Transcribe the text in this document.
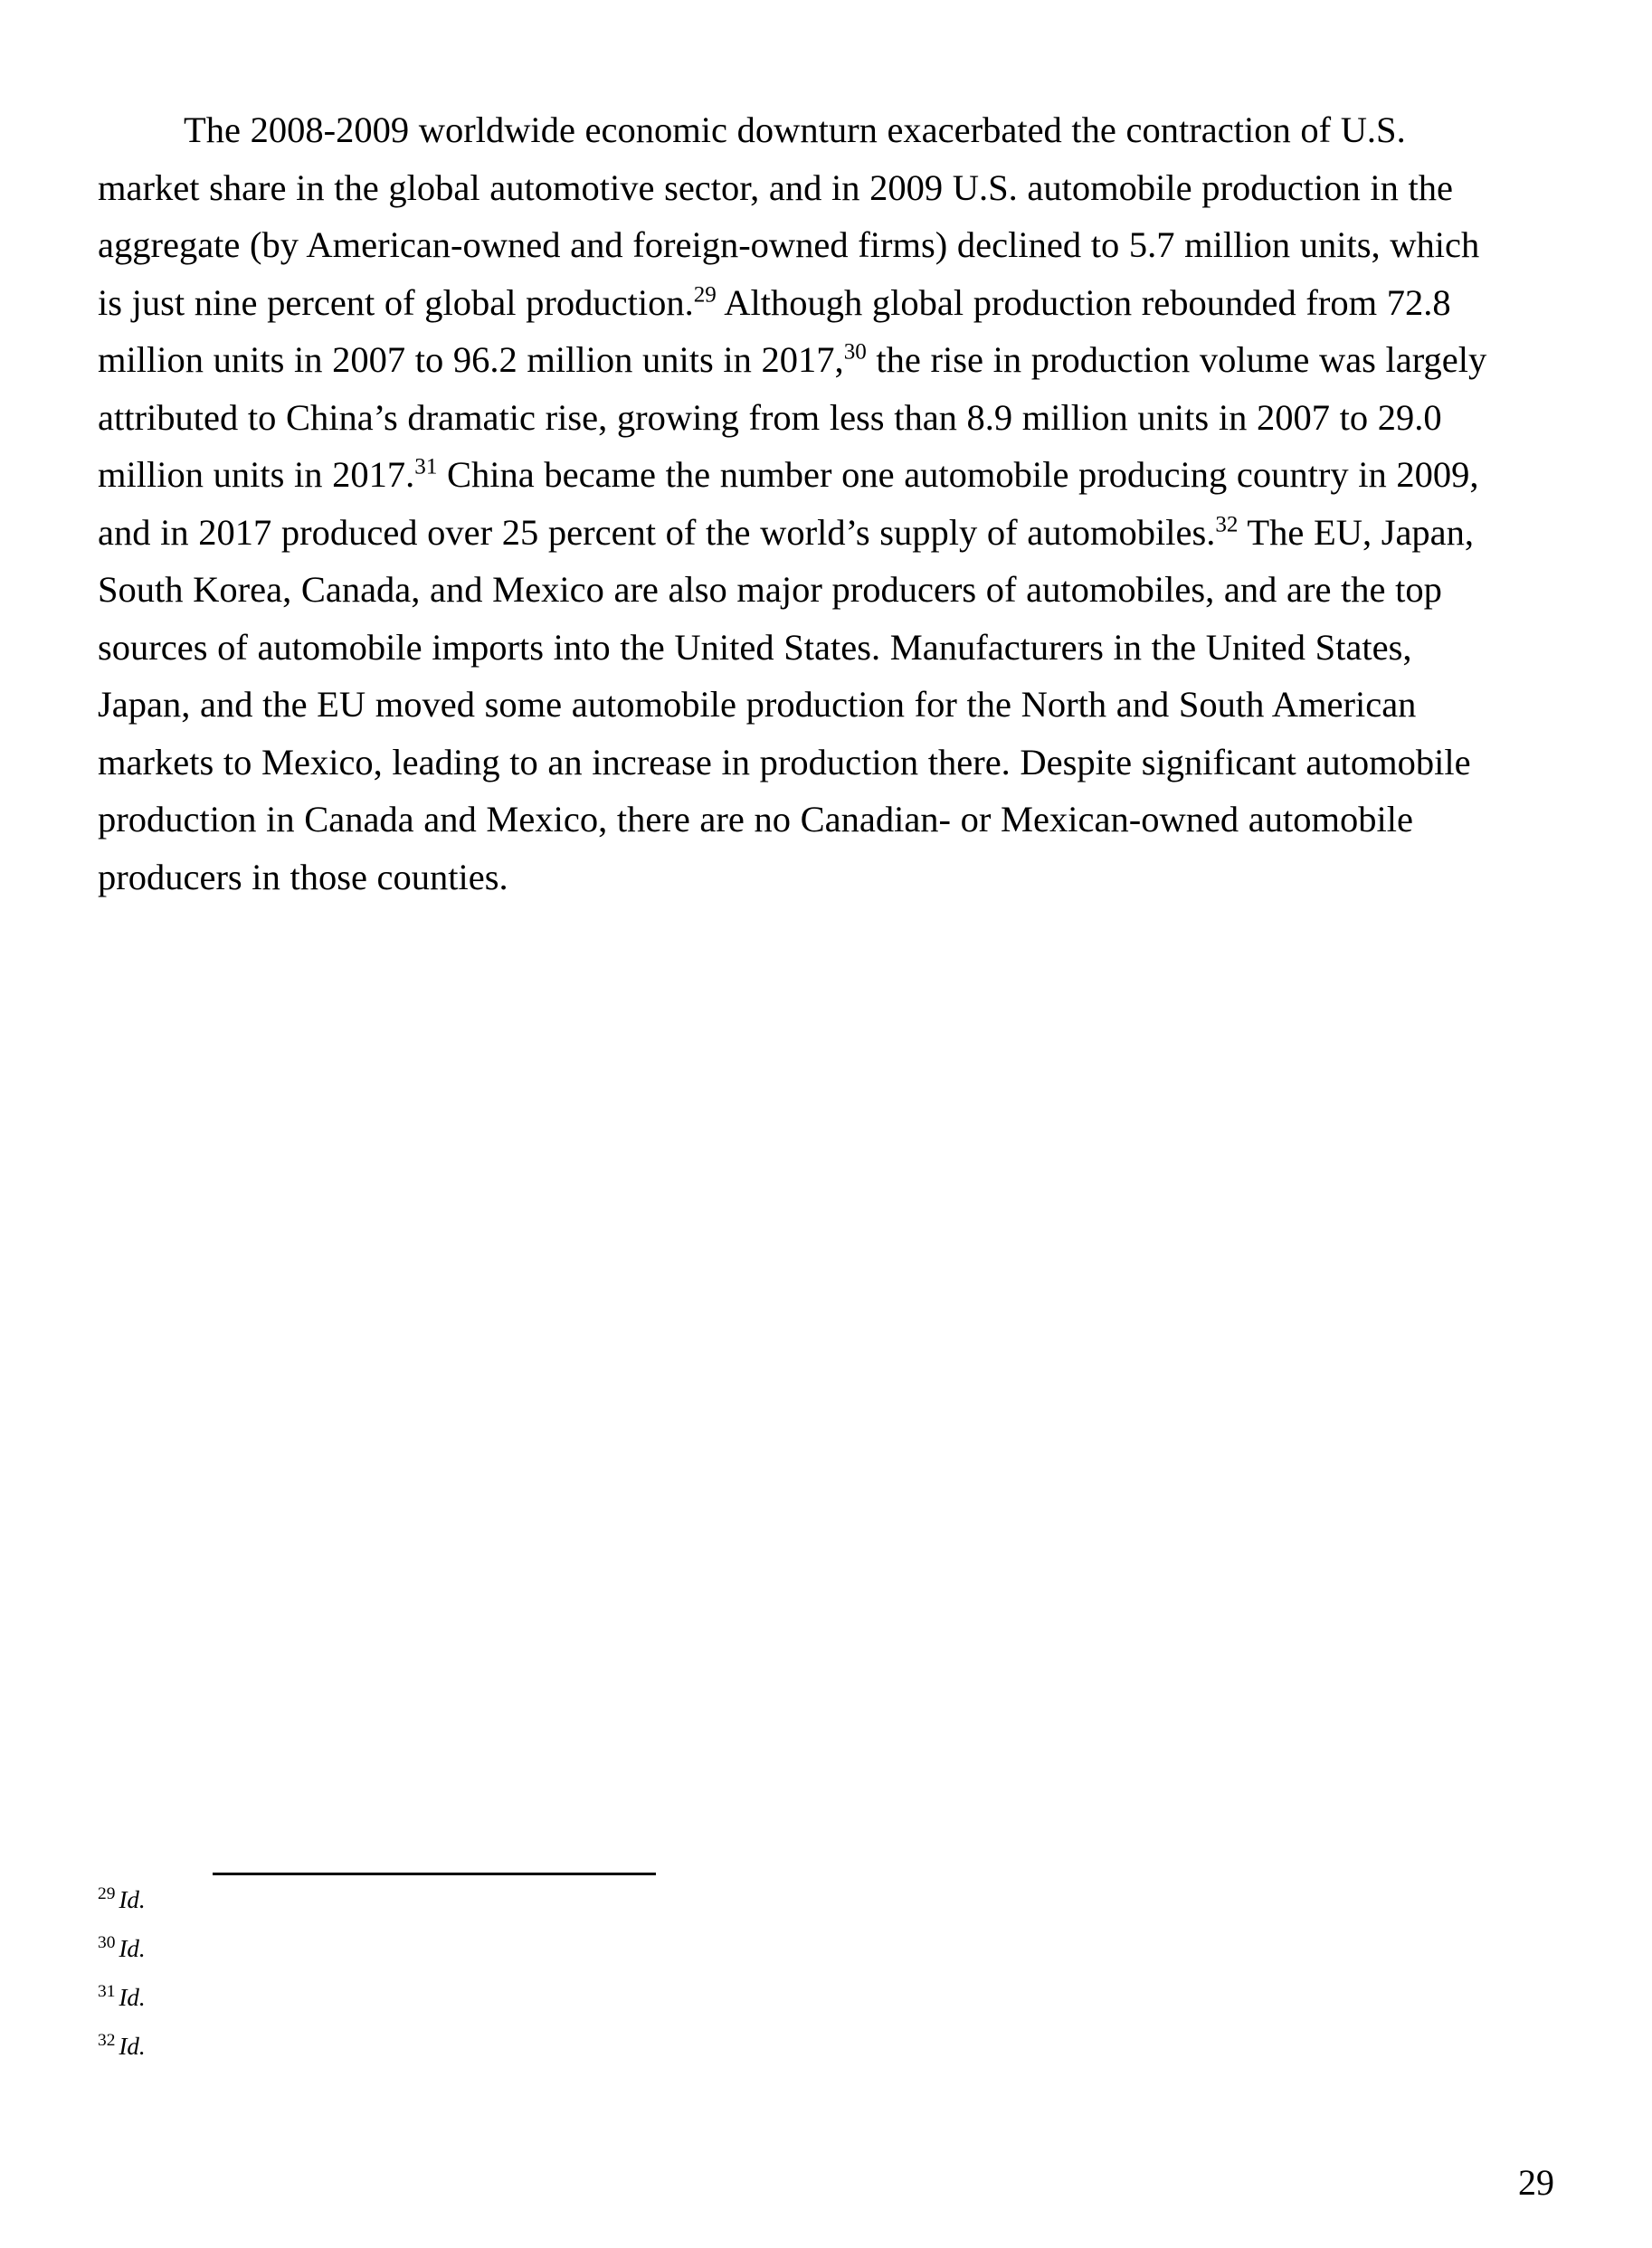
The 2008-2009 worldwide economic downturn exacerbated the contraction of U.S. market share in the global automotive sector, and in 2009 U.S. automobile production in the aggregate (by American-owned and foreign-owned firms) declined to 5.7 million units, which is just nine percent of global production.$^{29}$ Although global production rebounded from 72.8 million units in 2007 to 96.2 million units in 2017,30 the rise in production volume was largely attributed to China’s dramatic rise, growing from less than 8.9 million units in 2007 to 29.0 million units in 2017.31 China became the number one automobile producing country in 2009, and in 2017 produced over 25 percent of the world’s supply of automobiles.$^{32}$ The EU, Japan, South Korea, Canada, and Mexico are also major producers of automobiles, and are the top sources of automobile imports into the United States. Manufacturers in the United States, Japan, and the EU moved some automobile production for the North and South American markets to Mexico, leading to an increase in production there. Despite significant automobile production in Canada and Mexico, there are no Canadian- or Mexican-owned automobile producers in those counties.

$^{29}$ Id.
$^{30}$ Id.
$^{31}$ Id.
$^{32}$ Id.
29
